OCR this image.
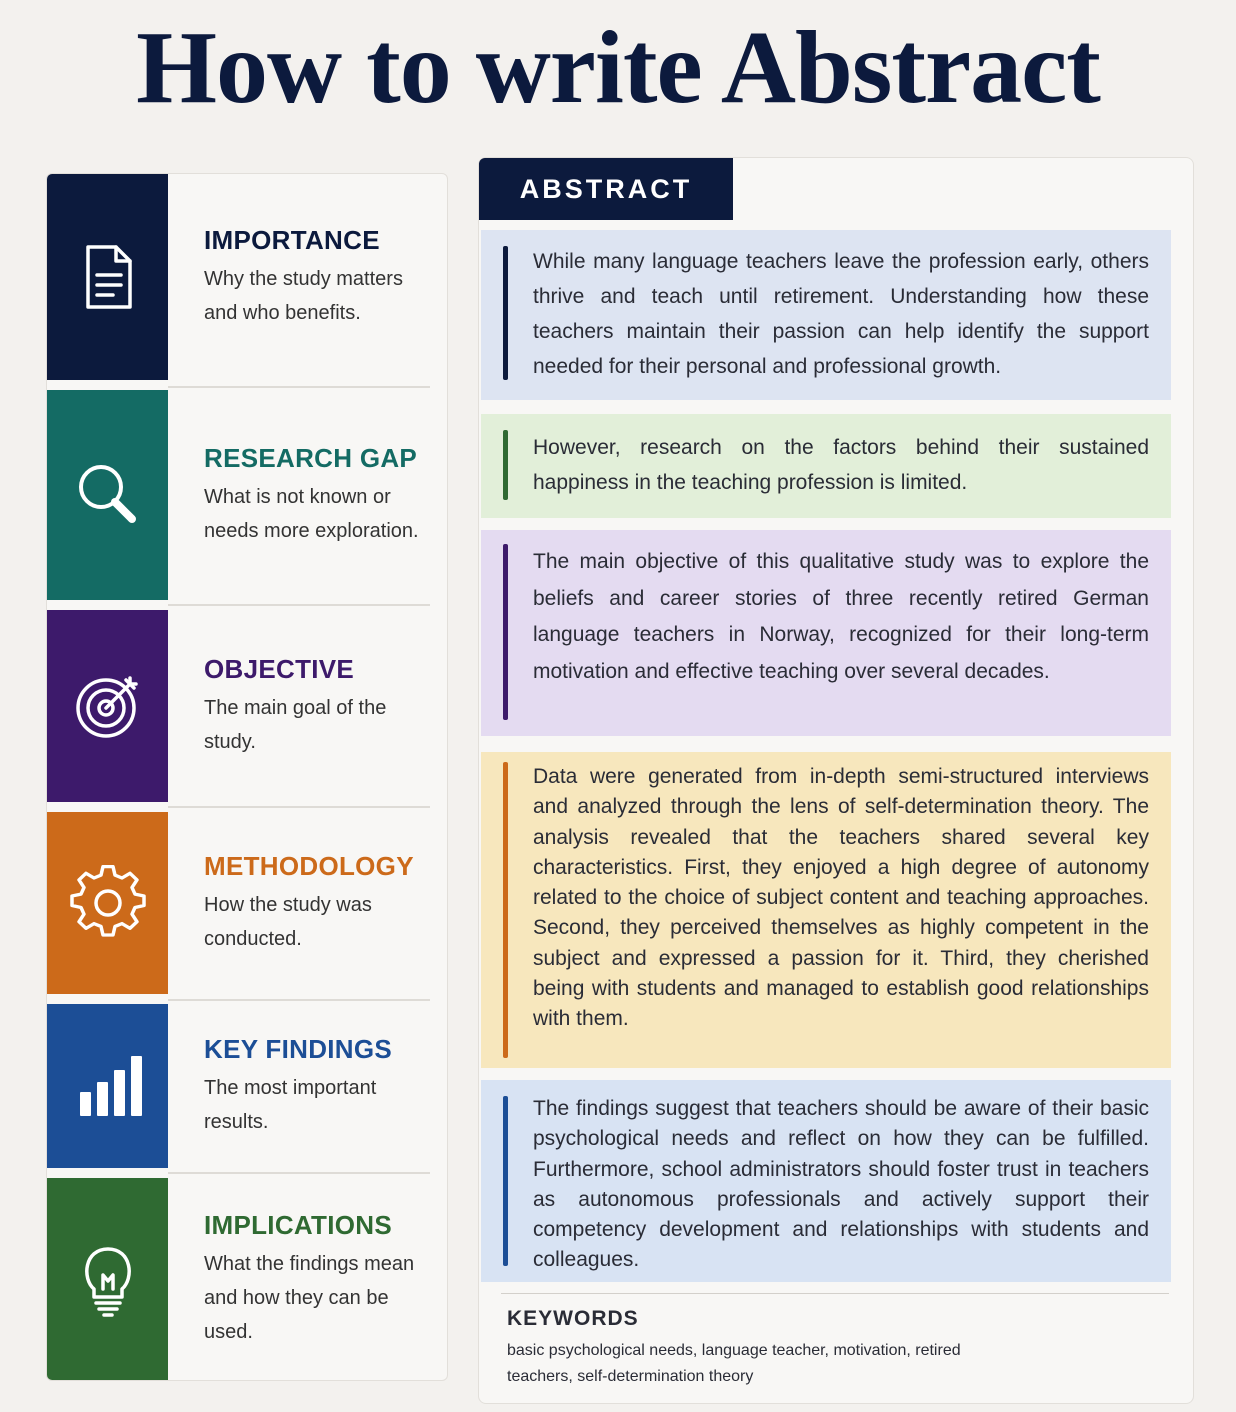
How to write Abstract
IMPORTANCE
Why the study matters and who benefits.
RESEARCH GAP
What is not known or needs more exploration.
OBJECTIVE
The main goal of the study.
METHODOLOGY
How the study was conducted.
KEY FINDINGS
The most important results.
IMPLICATIONS
What the findings mean and how they can be used.
ABSTRACT
While many language teachers leave the profession early, others thrive and teach until retirement. Understanding how these teachers maintain their passion can help identify the support needed for their personal and professional growth.
However, research on the factors behind their sustained happiness in the teaching profession is limited.
The main objective of this qualitative study was to explore the beliefs and career stories of three recently retired German language teachers in Norway, recognized for their long-term motivation and effective teaching over several decades.
Data were generated from in-depth semi-structured interviews and analyzed through the lens of self-determination theory. The analysis revealed that the teachers shared several key characteristics. First, they enjoyed a high degree of autonomy related to the choice of subject content and teaching approaches. Second, they perceived themselves as highly competent in the subject and expressed a passion for it. Third, they cherished being with students and managed to establish good relationships with them.
The findings suggest that teachers should be aware of their basic psychological needs and reflect on how they can be fulfilled. Furthermore, school administrators should foster trust in teachers as autonomous professionals and actively support their competency development and relationships with students and colleagues.
KEYWORDS
basic psychological needs, language teacher, motivation, retired teachers, self-determination theory
